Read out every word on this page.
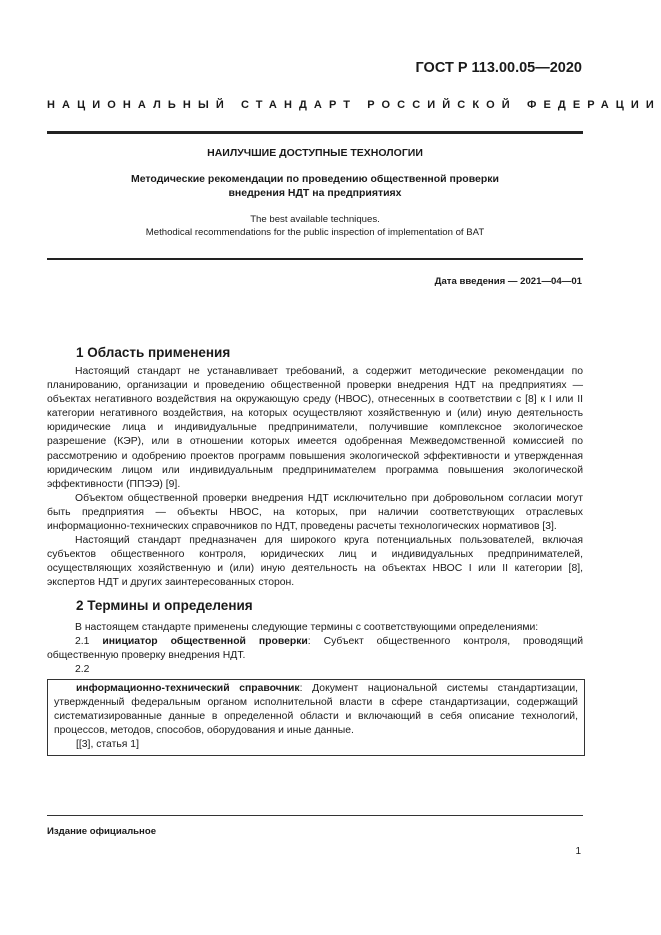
ГОСТ Р 113.00.05—2020
НАЦИОНАЛЬНЫЙ СТАНДАРТ РОССИЙСКОЙ ФЕДЕРАЦИИ
НАИЛУЧШИЕ ДОСТУПНЫЕ ТЕХНОЛОГИИ
Методические рекомендации по проведению общественной проверки
внедрения НДТ на предприятиях
The best available techniques.
Methodical recommendations for the public inspection of implementation of BAT
Дата введения — 2021—04—01
1 Область применения

Настоящий стандарт не устанавливает требований, а содержит методические рекомендации по планированию, организации и проведению общественной проверки внедрения НДТ на предприятиях — объектах негативного воздействия на окружающую среду (НВОС), отнесенных в соответствии с [8] к I или II категории негативного воздействия, на которых осуществляют хозяйственную и (или) иную деятельность юридические лица и индивидуальные предприниматели, получившие комплексное экологическое разрешение (КЭР), или в отношении которых имеется одобренная Межведомственной комиссией по рассмотрению и одобрению проектов программ повышения экологической эффективности и утвержденная юридическим лицом или индивидуальным предпринимателем программа повышения экологической эффективности (ППЭЭ) [9].

Объектом общественной проверки внедрения НДТ исключительно при добровольном согласии могут быть предприятия — объекты НВОС, на которых, при наличии соответствующих отраслевых информационно-технических справочников по НДТ, проведены расчеты технологических нормативов [3].

Настоящий стандарт предназначен для широкого круга потенциальных пользователей, включая субъектов общественного контроля, юридических лиц и индивидуальных предпринимателей, осуществляющих хозяйственную и (или) иную деятельность на объектах НВОС I или II категории [8], экспертов НДТ и других заинтересованных сторон.

2 Термины и определения

В настоящем стандарте применены следующие термины с соответствующими определениями:

2.1 инициатор общественной проверки: Субъект общественного контроля, проводящий общественную проверку внедрения НДТ.

2.2

информационно-технический справочник: Документ национальной системы стандартизации, утвержденный федеральным органом исполнительной власти в сфере стандартизации, содержащий систематизированные данные в определенной области и включающий в себя описание технологий, процессов, методов, способов, оборудования и иные данные.

[[3], статья 1]

Издание официальное
1
